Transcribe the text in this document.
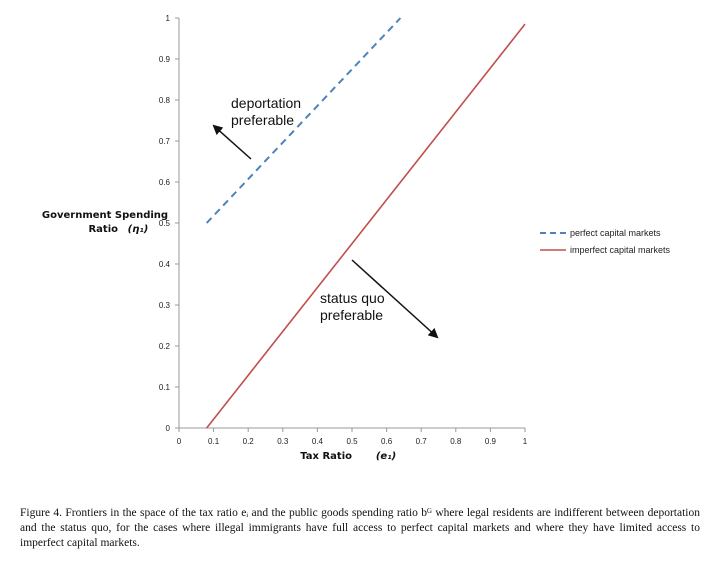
0	0.1	0.2	0.3	0.4	0.5	0.6	0.7	0.8	0.9	1
0
0.1
0.2
0.3
0.4
0.5
0.6
0.7
0.8
0.9
1
Government Spending
Ratio (η₁)
Tax Ratio (e₁)
deportation
preferable
status quo
preferable
perfect capital markets
imperfect capital markets
Figure 4. Frontiers in the space of the tax ratio eᵢ and the public goods spending ratio bᴳ where legal residents are indifferent between deportation and the status quo, for the cases where illegal immigrants have full access to perfect capital markets and where they have limited access to imperfect capital markets.
